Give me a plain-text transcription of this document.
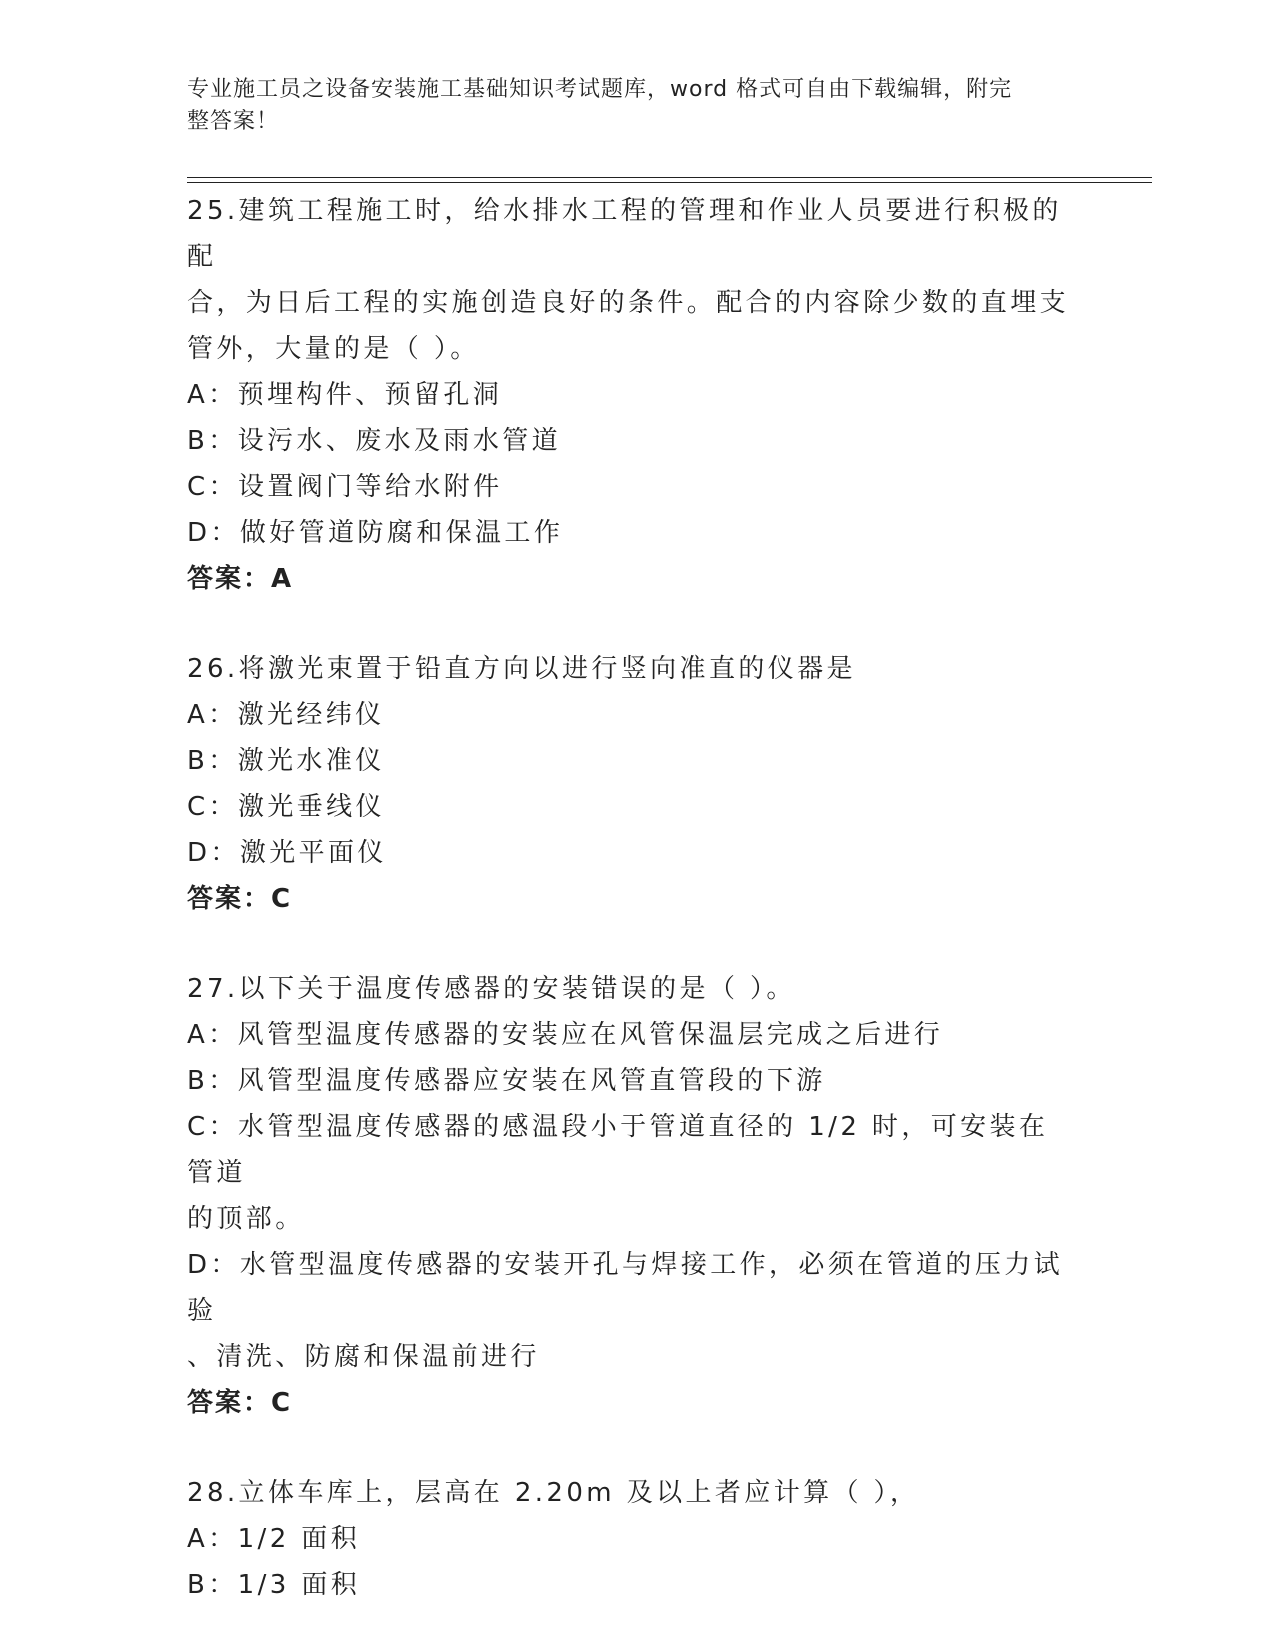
专业施工员之设备安装施工基础知识考试题库，word 格式可自由下载编辑，附完
整答案！
25.建筑工程施工时，给水排水工程的管理和作业人员要进行积极的配
合，为日后工程的实施创造良好的条件。配合的内容除少数的直埋支
管外，大量的是（ ）。
A：预埋构件、预留孔洞
B：设污水、废水及雨水管道
C：设置阀门等给水附件
D：做好管道防腐和保温工作
答案：A
26.将激光束置于铅直方向以进行竖向准直的仪器是
A：激光经纬仪
B：激光水准仪
C：激光垂线仪
D：激光平面仪
答案：C
27.以下关于温度传感器的安装错误的是（ ）。
A：风管型温度传感器的安装应在风管保温层完成之后进行
B：风管型温度传感器应安装在风管直管段的下游
C：水管型温度传感器的感温段小于管道直径的 1/2 时，可安装在管道
的顶部。
D：水管型温度传感器的安装开孔与焊接工作，必须在管道的压力试验
、清洗、防腐和保温前进行
答案：C
28.立体车库上，层高在 2.20m 及以上者应计算（ ），
A：1/2 面积
B：1/3 面积
